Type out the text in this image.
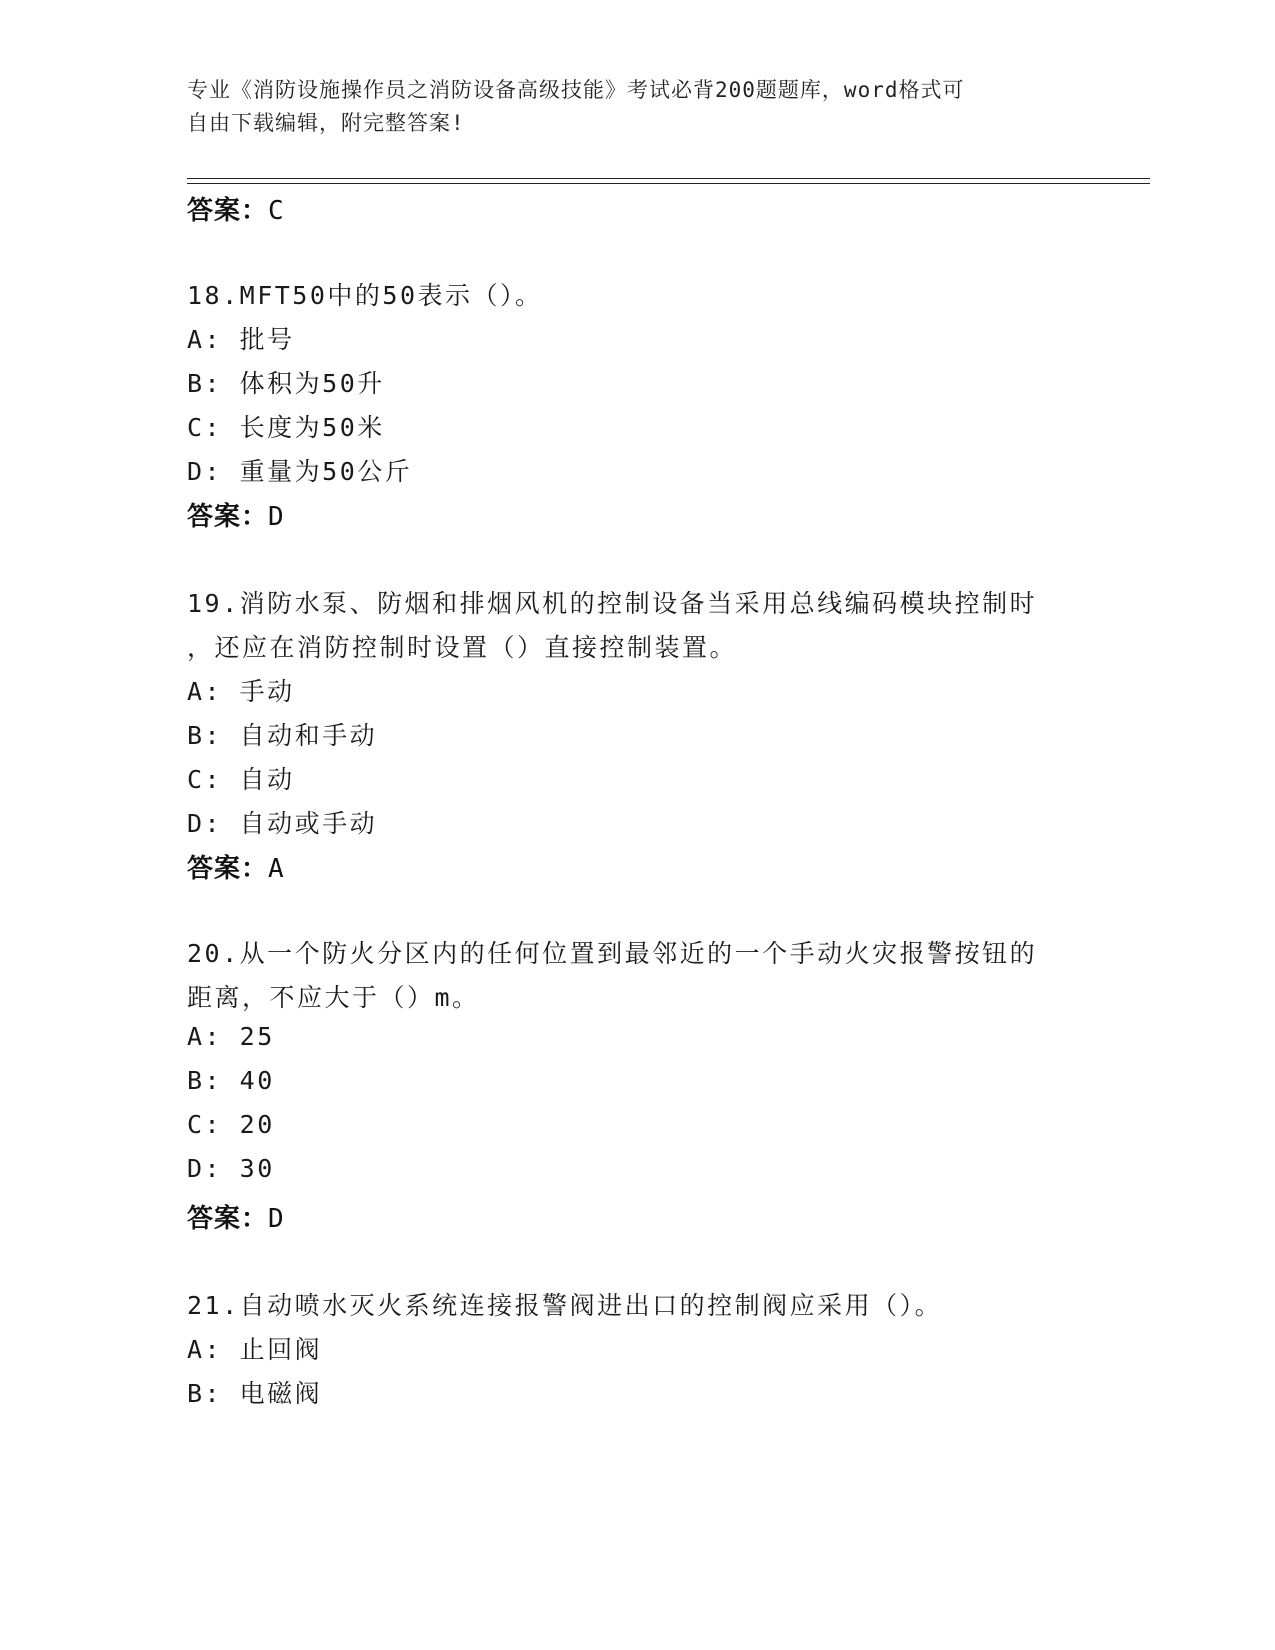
专业《消防设施操作员之消防设备高级技能》考试必背200题题库，word格式可
自由下载编辑，附完整答案!
答案：C
18.MFT50中的50表示（）。
A: 批号
B: 体积为50升
C: 长度为50米
D: 重量为50公斤
答案：D
19.消防水泵、防烟和排烟风机的控制设备当采用总线编码模块控制时
，还应在消防控制时设置（）直接控制装置。
A: 手动
B: 自动和手动
C: 自动
D: 自动或手动
答案：A
20.从一个防火分区内的任何位置到最邻近的一个手动火灾报警按钮的
距离，不应大于（）m。
A: 25
B: 40
C: 20
D: 30
答案：D
21.自动喷水灭火系统连接报警阀进出口的控制阀应采用（）。
A: 止回阀
B: 电磁阀
